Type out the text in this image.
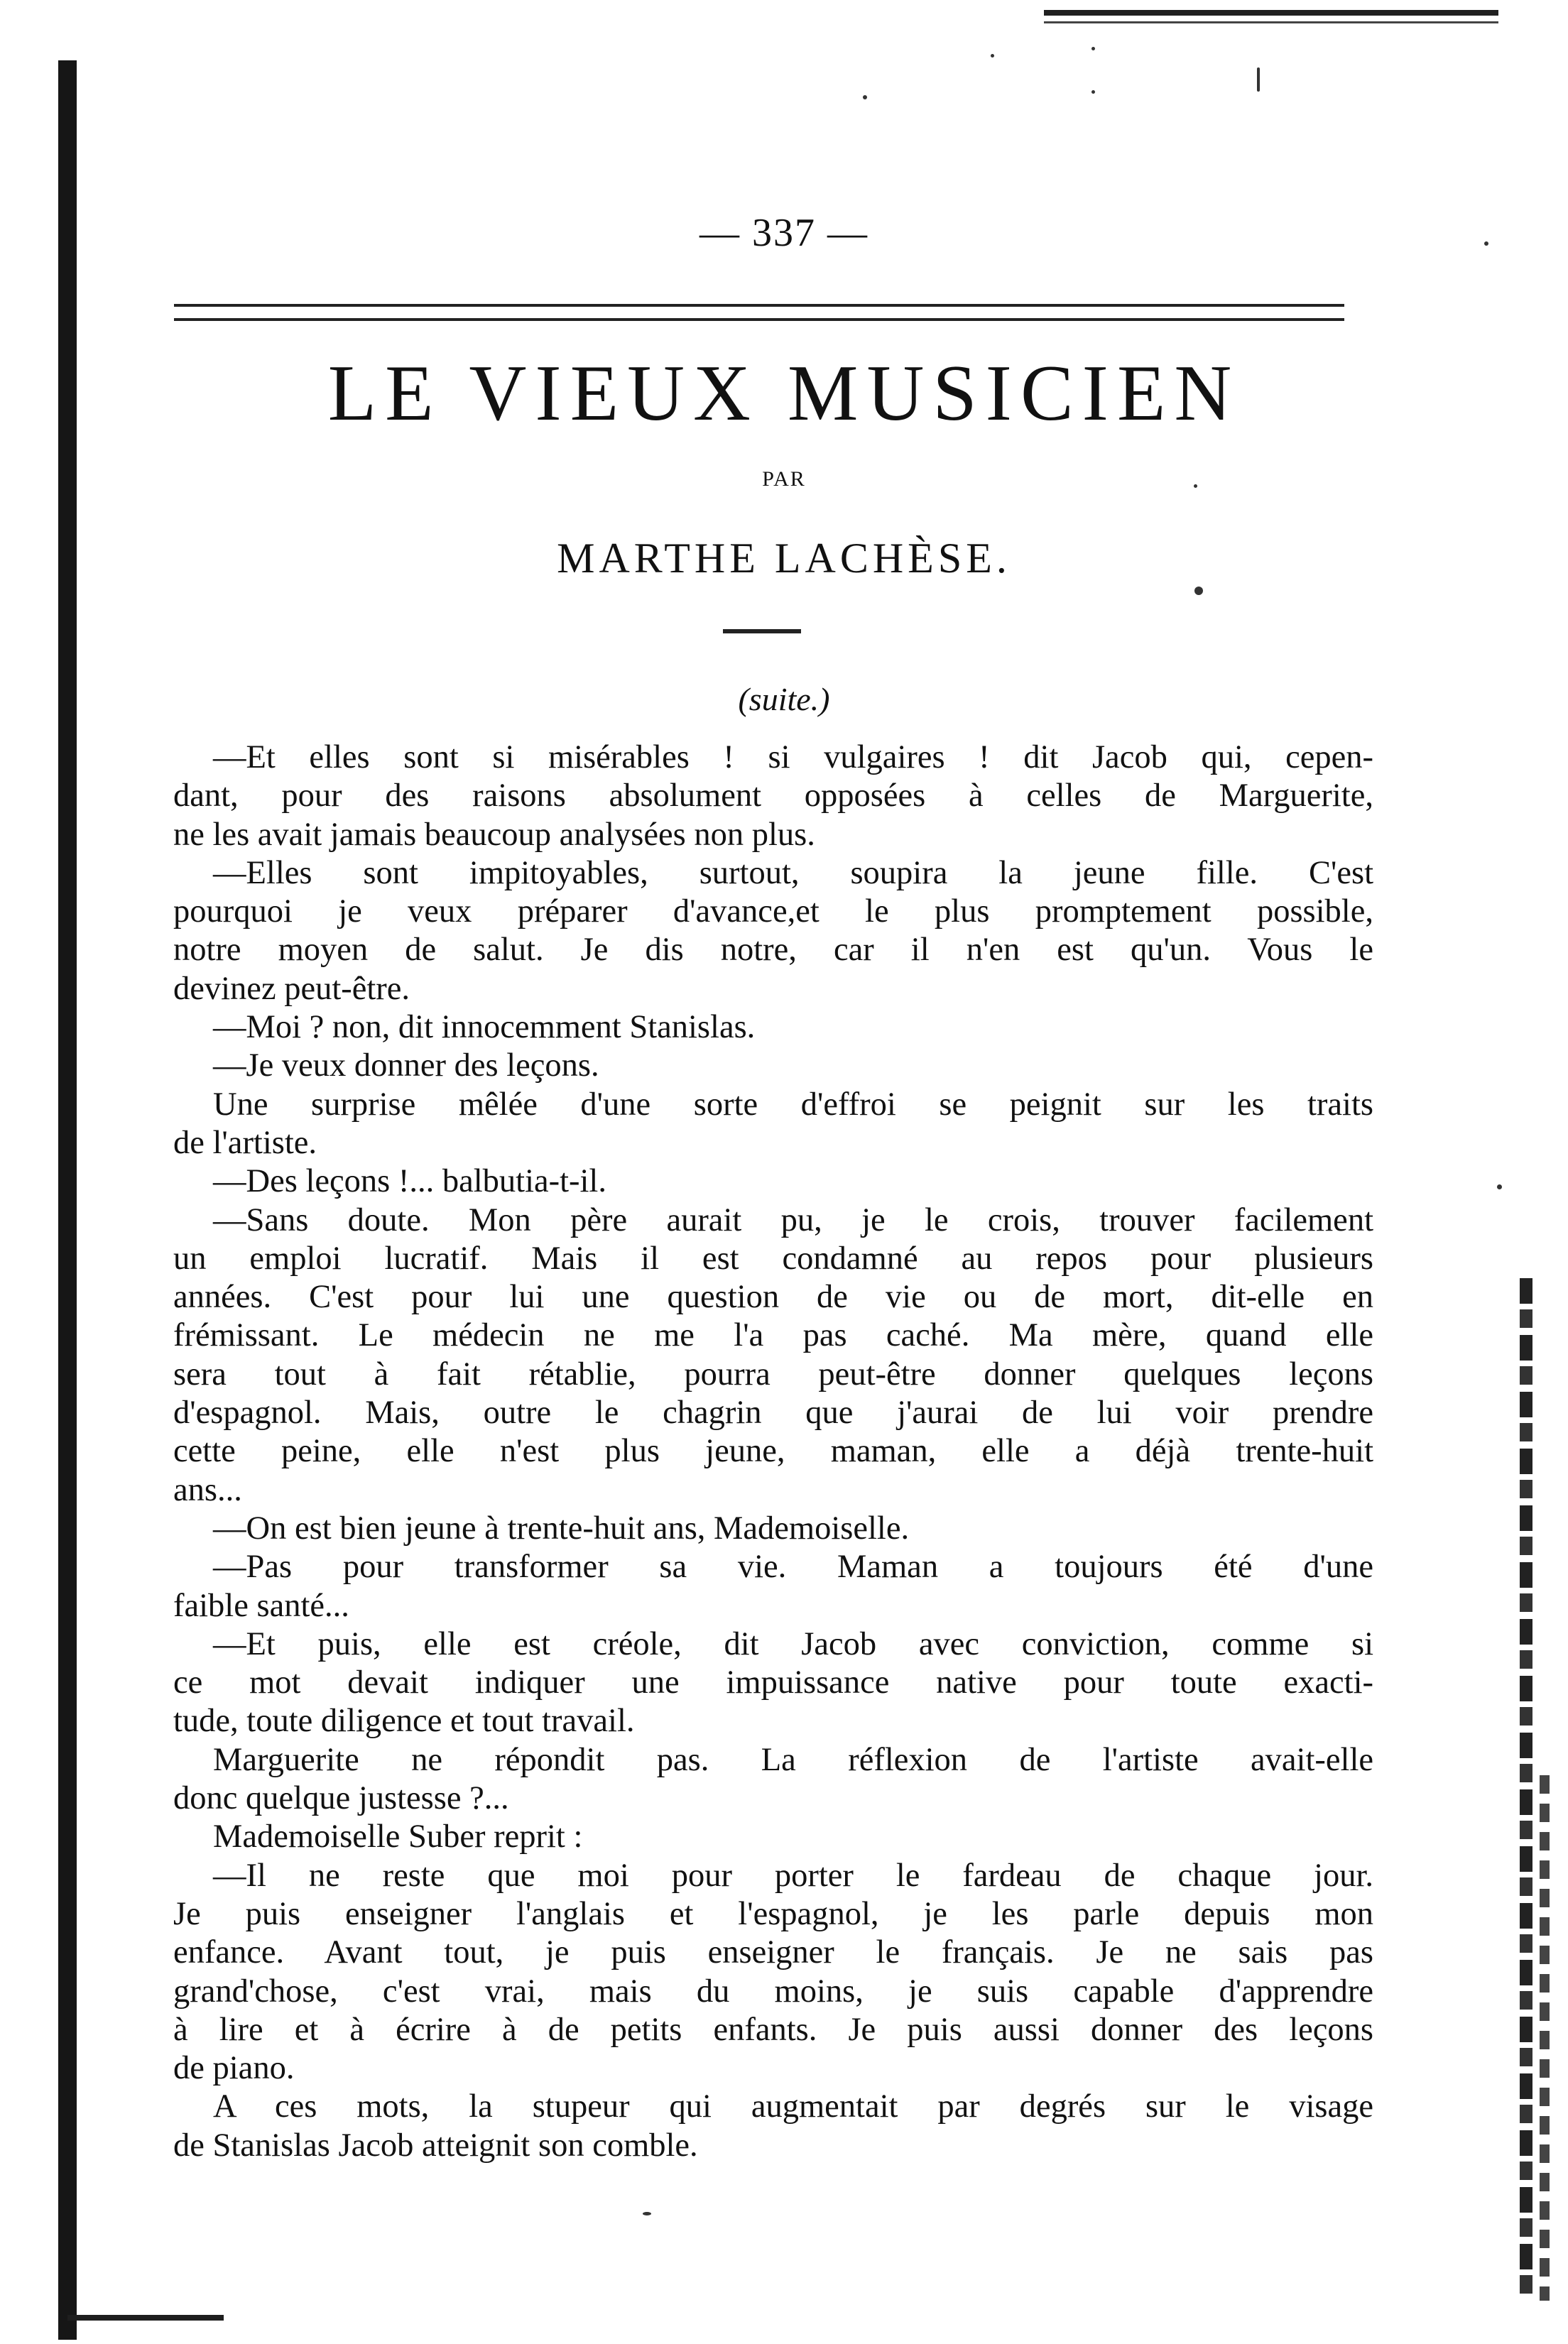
— 337 —
LE VIEUX MUSICIEN
PAR
MARTHE LACHÈSE.
(suite.)
—Et elles sont si misérables ! si vulgaires ! dit Jacob qui, cepen-
dant, pour des raisons absolument opposées à celles de Marguerite,
ne les avait jamais beaucoup analysées non plus.
—Elles sont impitoyables, surtout, soupira la jeune fille. C'est
pourquoi je veux préparer d'avance,et le plus promptement possible,
notre moyen de salut. Je dis notre, car il n'en est qu'un. Vous le
devinez peut-être.
—Moi ? non, dit innocemment Stanislas.
—Je veux donner des leçons.
Une surprise mêlée d'une sorte d'effroi se peignit sur les traits
de l'artiste.
—Des leçons !... balbutia-t-il.
—Sans doute. Mon père aurait pu, je le crois, trouver facilement
un emploi lucratif. Mais il est condamné au repos pour plusieurs
années. C'est pour lui une question de vie ou de mort, dit-elle en
frémissant. Le médecin ne me l'a pas caché. Ma mère, quand elle
sera tout à fait rétablie, pourra peut-être donner quelques leçons
d'espagnol. Mais, outre le chagrin que j'aurai de lui voir prendre
cette peine, elle n'est plus jeune, maman, elle a déjà trente-huit
ans...
—On est bien jeune à trente-huit ans, Mademoiselle.
—Pas pour transformer sa vie. Maman a toujours été d'une
faible santé...
—Et puis, elle est créole, dit Jacob avec conviction, comme si
ce mot devait indiquer une impuissance native pour toute exacti-
tude, toute diligence et tout travail.
Marguerite ne répondit pas. La réflexion de l'artiste avait-elle
donc quelque justesse ?...
Mademoiselle Suber reprit :
—Il ne reste que moi pour porter le fardeau de chaque jour.
Je puis enseigner l'anglais et l'espagnol, je les parle depuis mon
enfance. Avant tout, je puis enseigner le français. Je ne sais pas
grand'chose, c'est vrai, mais du moins, je suis capable d'apprendre
à lire et à écrire à de petits enfants. Je puis aussi donner des leçons
de piano.
A ces mots, la stupeur qui augmentait par degrés sur le visage
de Stanislas Jacob atteignit son comble.
